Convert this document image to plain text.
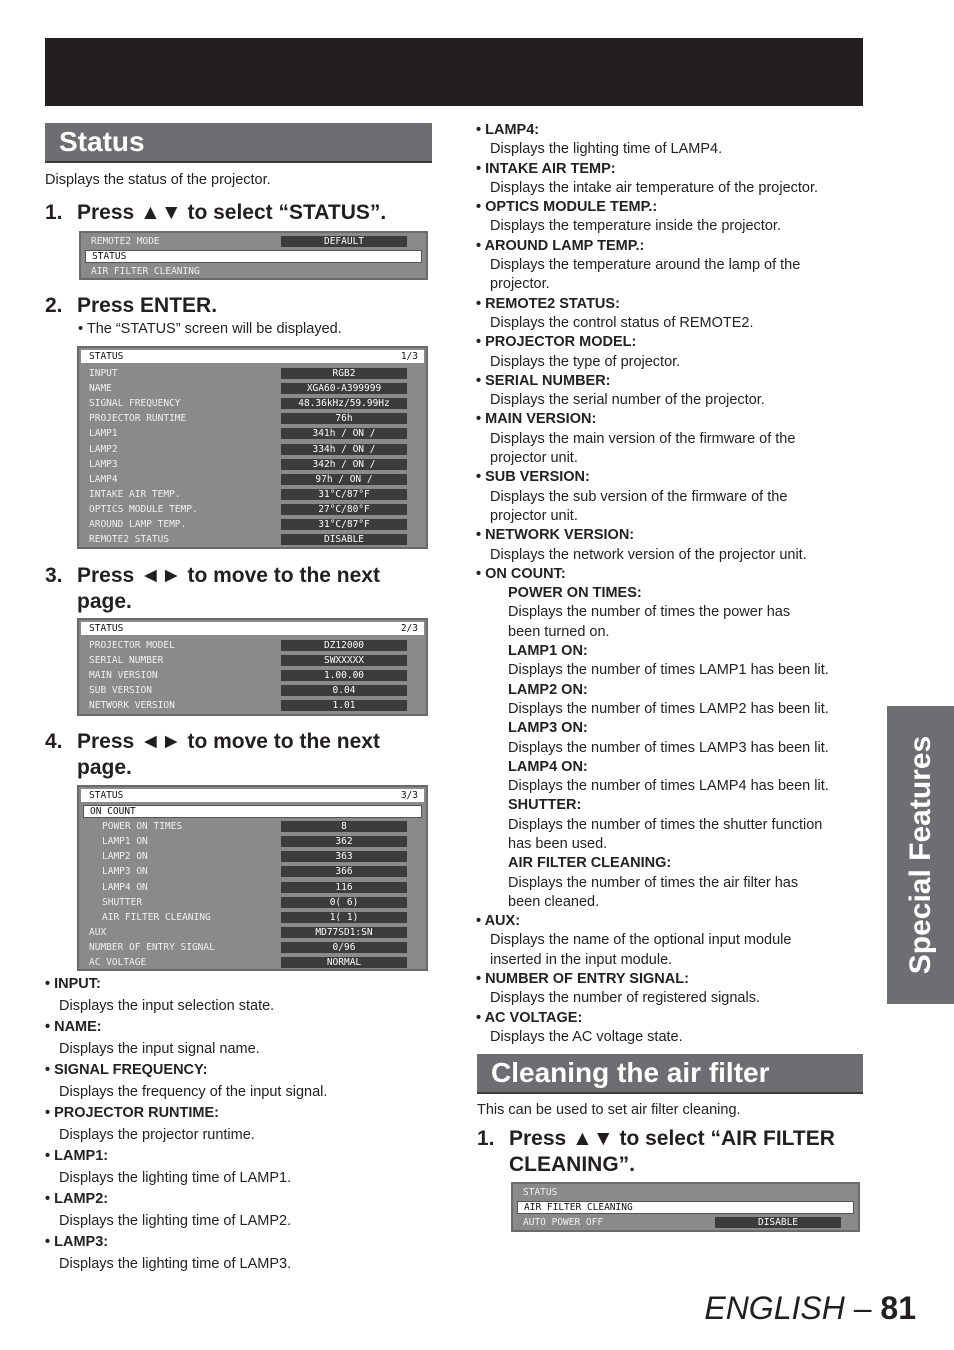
Special Features
Status
Displays the status of the projector.
1. Press ▲▼ to select “STATUS”.
REMOTE2 MODE	DEFAULT
STATUS
AIR FILTER CLEANING
2. Press ENTER.
• The “STATUS” screen will be displayed.
STATUS	1/3
INPUT	RGB2
NAME	XGA60-A399999
SIGNAL FREQUENCY	48.36kHz/59.99Hz
PROJECTOR RUNTIME	76h
LAMP1	341h / ON /
LAMP2	334h / ON /
LAMP3	342h / ON /
LAMP4	97h / ON /
INTAKE AIR TEMP.	31°C/87°F
OPTICS MODULE TEMP.	27°C/80°F
AROUND LAMP TEMP.	31°C/87°F
REMOTE2 STATUS	DISABLE
3. Press ◄► to move to the next
page.
STATUS	2/3
PROJECTOR MODEL	DZ12000
SERIAL NUMBER	SWXXXXX
MAIN VERSION	1.00.00
SUB VERSION	0.04
NETWORK VERSION	1.01
4. Press ◄► to move to the next
page.
STATUS	3/3
ON COUNT
POWER ON TIMES	8
LAMP1 ON	362
LAMP2 ON	363
LAMP3 ON	366
LAMP4 ON	116
SHUTTER	0( 6)
AIR FILTER CLEANING	1( 1)
AUX	MD77SD1:SN
NUMBER OF ENTRY SIGNAL	0/96
AC VOLTAGE	NORMAL
• INPUT:
Displays the input selection state.
• NAME:
Displays the input signal name.
• SIGNAL FREQUENCY:
Displays the frequency of the input signal.
• PROJECTOR RUNTIME:
Displays the projector runtime.
• LAMP1:
Displays the lighting time of LAMP1.
• LAMP2:
Displays the lighting time of LAMP2.
• LAMP3:
Displays the lighting time of LAMP3.
• LAMP4:
Displays the lighting time of LAMP4.
• INTAKE AIR TEMP:
Displays the intake air temperature of the projector.
• OPTICS MODULE TEMP.:
Displays the temperature inside the projector.
• AROUND LAMP TEMP.:
Displays the temperature around the lamp of the
projector.
• REMOTE2 STATUS:
Displays the control status of REMOTE2.
• PROJECTOR MODEL:
Displays the type of projector.
• SERIAL NUMBER:
Displays the serial number of the projector.
• MAIN VERSION:
Displays the main version of the firmware of the
projector unit.
• SUB VERSION:
Displays the sub version of the firmware of the
projector unit.
• NETWORK VERSION:
Displays the network version of the projector unit.
• ON COUNT:
POWER ON TIMES:
Displays the number of times the power has
been turned on.
LAMP1 ON:
Displays the number of times LAMP1 has been lit.
LAMP2 ON:
Displays the number of times LAMP2 has been lit.
LAMP3 ON:
Displays the number of times LAMP3 has been lit.
LAMP4 ON:
Displays the number of times LAMP4 has been lit.
SHUTTER:
Displays the number of times the shutter function
has been used.
AIR FILTER CLEANING:
Displays the number of times the air filter has
been cleaned.
• AUX:
Displays the name of the optional input module
inserted in the input module.
• NUMBER OF ENTRY SIGNAL:
Displays the number of registered signals.
• AC VOLTAGE:
Displays the AC voltage state.
Cleaning the air filter
This can be used to set air filter cleaning.
1. Press ▲▼ to select “AIR FILTER
CLEANING”.
STATUS
AIR FILTER CLEANING
AUTO POWER OFF	DISABLE
ENGLISH – 81
